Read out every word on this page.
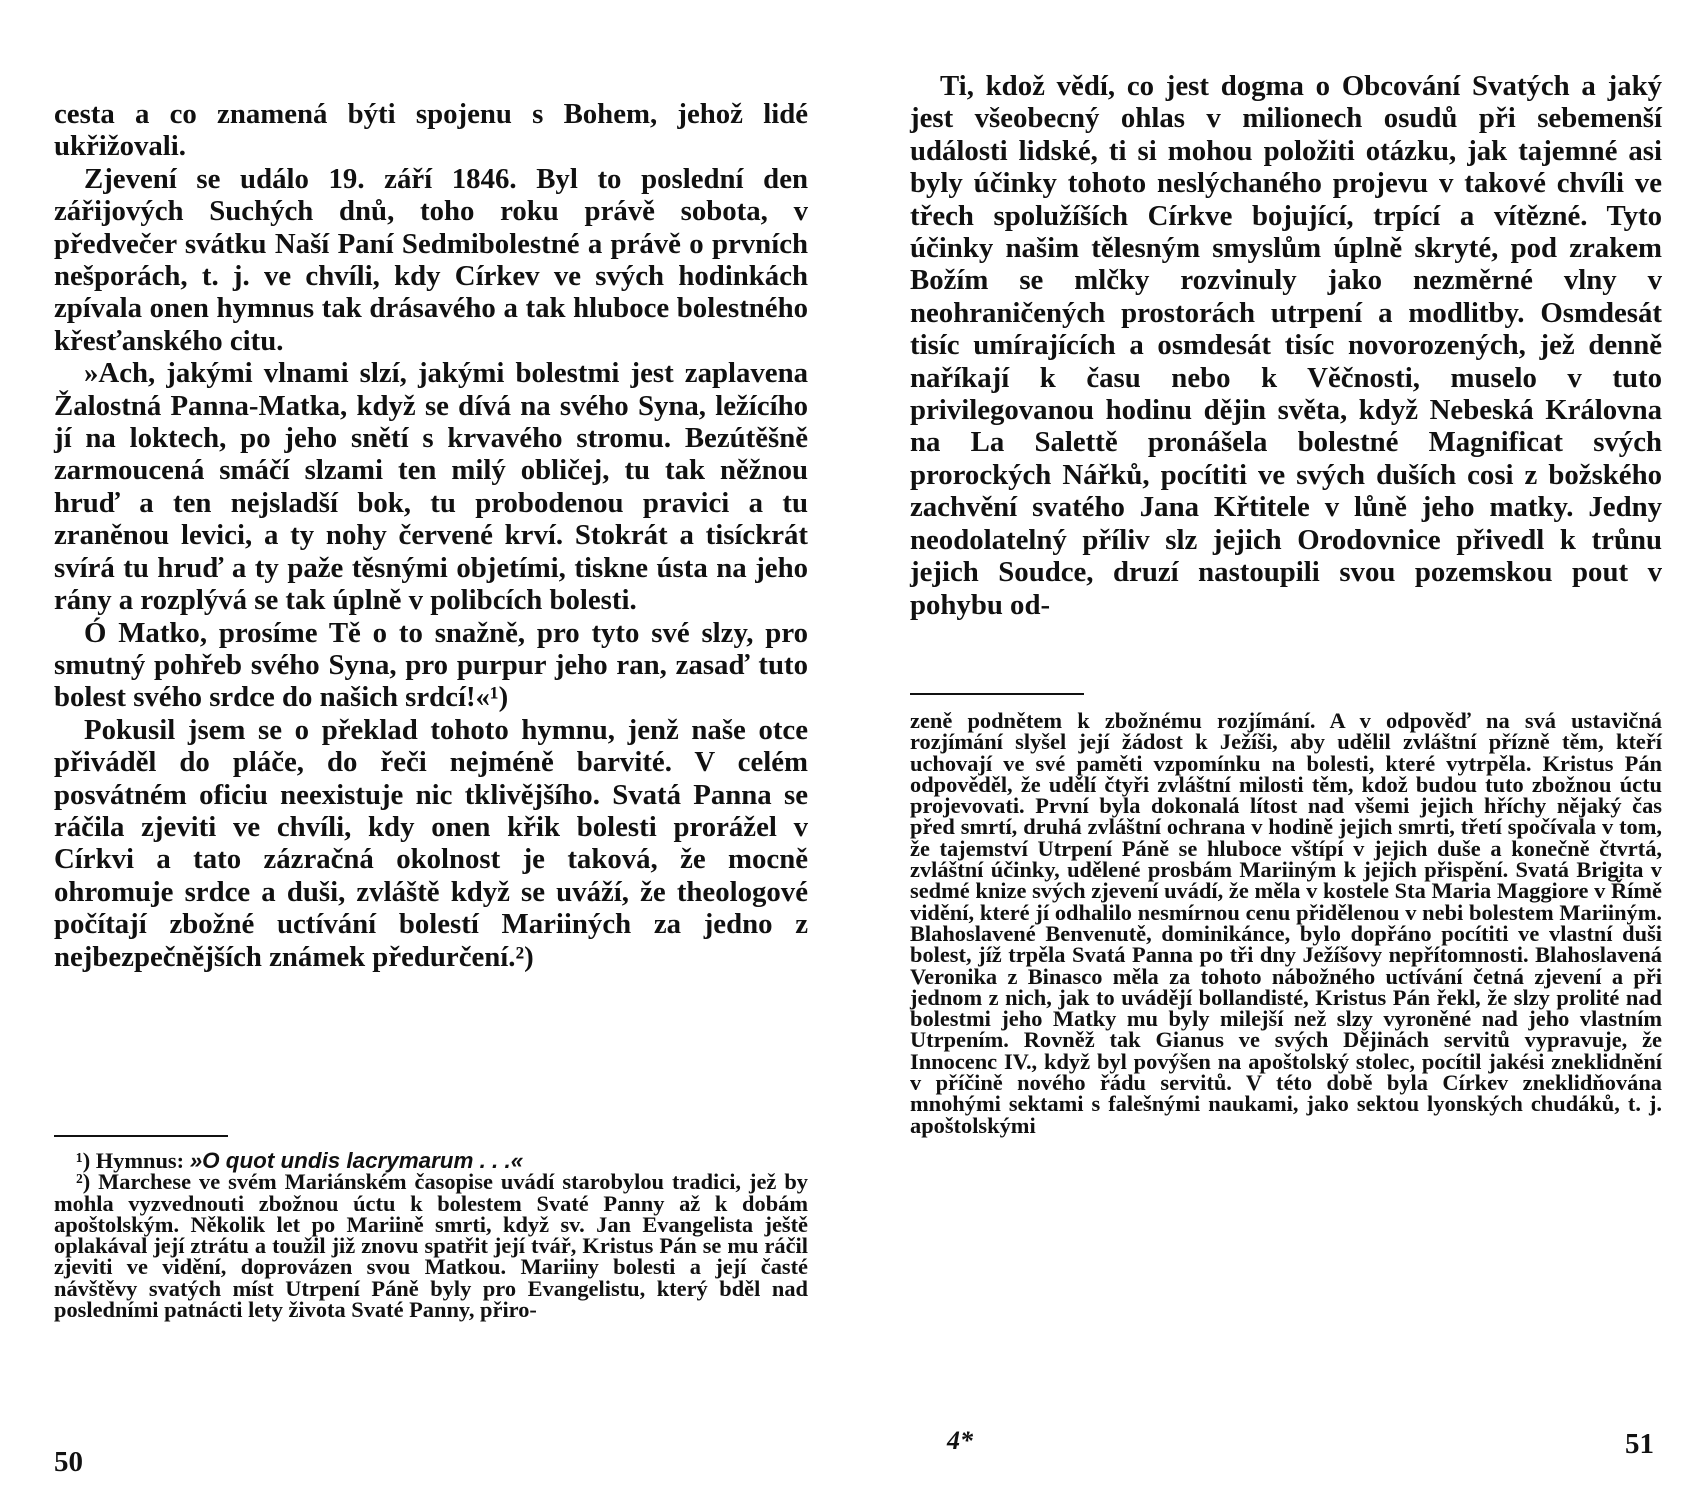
cesta a co znamená býti spojenu s Bohem, jehož lidé ukřižovali.

Zjevení se událo 19. září 1846. Byl to poslední den zářijových Suchých dnů, toho roku právě sobota, v předvečer svátku Naší Paní Sedmibolestné a právě o prvních nešporách, t. j. ve chvíli, kdy Církev ve svých hodinkách zpívala onen hymnus tak drásavého a tak hluboce bolestného křesťanského citu.

»Ach, jakými vlnami slzí, jakými bolestmi jest zaplavena Žalostná Panna-Matka, když se dívá na svého Syna, ležícího jí na loktech, po jeho snětí s krvavého stromu. Bezútěšně zarmoucená smáčí slzami ten milý obličej, tu tak něžnou hruď a ten nejsladší bok, tu probodenou pravici a tu zraněnou levici, a ty nohy červené krví. Stokrát a tisíckrát svírá tu hruď a ty paže těsnými objetími, tiskne ústa na jeho rány a rozplývá se tak úplně v polibcích bolesti.

Ó Matko, prosíme Tě o to snažně, pro tyto své slzy, pro smutný pohřeb svého Syna, pro purpur jeho ran, zasaď tuto bolest svého srdce do našich srdcí!«¹)

Pokusil jsem se o překlad tohoto hymnu, jenž naše otce přiváděl do pláče, do řeči nejméně barvité. V celém posvátném oficiu neexistuje nic tklivějšího. Svatá Panna se ráčila zjeviti ve chvíli, kdy onen křik bolesti prorážel v Církvi a tato zázračná okolnost je taková, že mocně ohromuje srdce a duši, zvláště když se uváží, že theologové počítají zbožné uctívání bolestí Mariiných za jedno z nejbezpečnějších známek předurčení.²)

¹) Hymnus: »O quot undis lacrymarum . . .«

²) Marchese ve svém Mariánském časopise uvádí starobylou tradici, jež by mohla vyzvednouti zbožnou úctu k bolestem Svaté Panny až k dobám apoštolským. Několik let po Mariině smrti, když sv. Jan Evangelista ještě oplakával její ztrátu a toužil již znovu spatřit její tvář, Kristus Pán se mu ráčil zjeviti ve vidění, doprovázen svou Matkou. Mariiny bolesti a její časté návštěvy svatých míst Utrpení Páně byly pro Evangelistu, který bděl nad posledními patnácti lety života Svaté Panny, přiro-

50

Ti, kdož vědí, co jest dogma o Obcování Svatých a jaký jest všeobecný ohlas v milionech osudů při sebemenší události lidské, ti si mohou položiti otázku, jak tajemné asi byly účinky tohoto neslýchaného projevu v takové chvíli ve třech spolužíších Církve bojující, trpící a vítězné. Tyto účinky našim tělesným smyslům úplně skryté, pod zrakem Božím se mlčky rozvinuly jako nezměrné vlny v neohraničených prostorách utrpení a modlitby. Osmdesát tisíc umírajících a osmdesát tisíc novorozených, jež denně naříkají k času nebo k Věčnosti, muselo v tuto privilegovanou hodinu dějin světa, když Nebeská Královna na La Salettě pronášela bolestné Magnificat svých prorockých Nářků, pocítiti ve svých duších cosi z božského zachvění svatého Jana Křtitele v lůně jeho matky. Jedny neodolatelný příliv slz jejich Orodovnice přivedl k trůnu jejich Soudce, druzí nastoupili svou pozemskou pout v pohybu od-

zeně podnětem k zbožnému rozjímání. A v odpověď na svá ustavičná rozjímání slyšel její žádost k Ježíši, aby udělil zvláštní přízně těm, kteří uchovají ve své paměti vzpomínku na bolesti, které vytrpěla. Kristus Pán odpověděl, že udělí čtyři zvláštní milosti těm, kdož budou tuto zbožnou úctu projevovati. První byla dokonalá lítost nad všemi jejich hříchy nějaký čas před smrtí, druhá zvláštní ochrana v hodině jejich smrti, třetí spočívala v tom, že tajemství Utrpení Páně se hluboce vštípí v jejich duše a konečně čtvrtá, zvláštní účinky, udělené prosbám Mariiným k jejich přispění. Svatá Brigita v sedmé knize svých zjevení uvádí, že měla v kostele Sta Maria Maggiore v Římě vidění, které jí odhalilo nesmírnou cenu přidělenou v nebi bolestem Mariiným. Blahoslavené Benvenutě, dominikánce, bylo dopřáno pocítiti ve vlastní duši bolest, jíž trpěla Svatá Panna po tři dny Ježíšovy nepřítomnosti. Blahoslavená Veronika z Binasco měla za tohoto nábožného uctívání četná zjevení a při jednom z nich, jak to uvádějí bollandisté, Kristus Pán řekl, že slzy prolité nad bolestmi jeho Matky mu byly milejší než slzy vyroněné nad jeho vlastním Utrpením. Rovněž tak Gianus ve svých Dějinách servitů vypravuje, že Innocenc IV., když byl povýšen na apoštolský stolec, pocítil jakési zneklidnění v příčině nového řádu servitů. V této době byla Církev zneklidňována mnohými sektami s falešnými naukami, jako sektou lyonských chudáků, t. j. apoštolskými

4*	51
